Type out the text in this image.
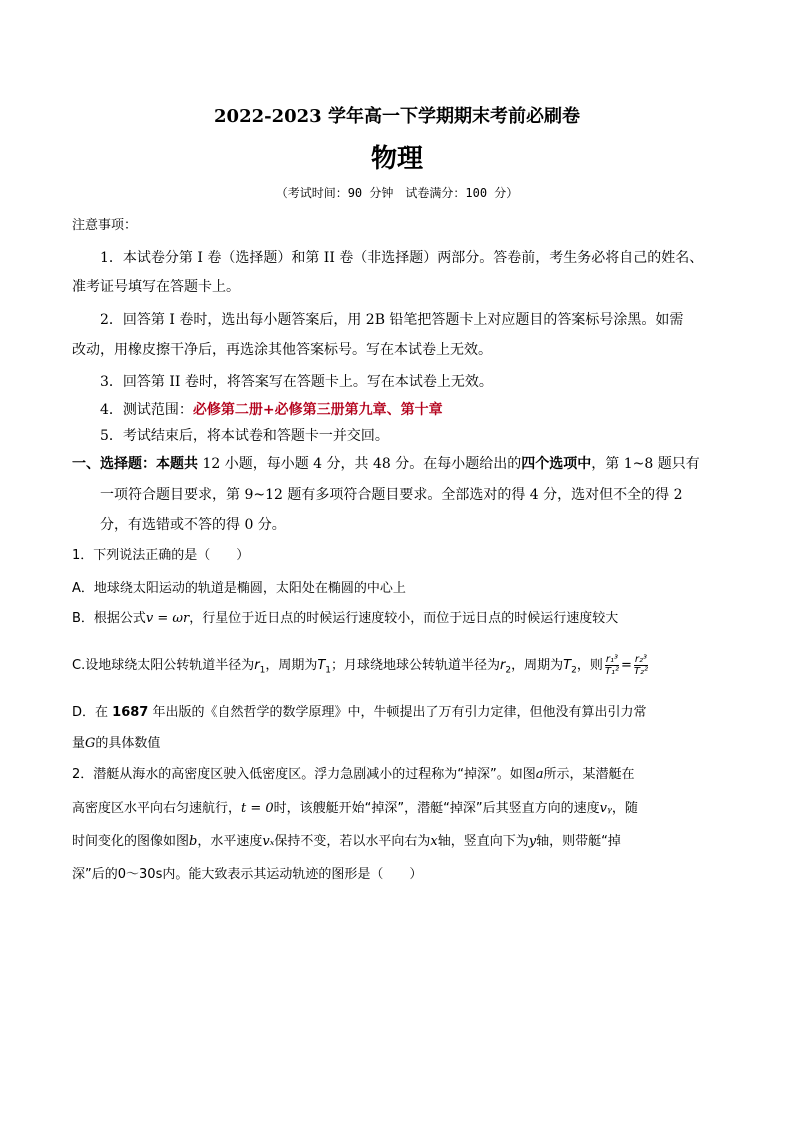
2022-2023 学年高一下学期期末考前必刷卷
物理
（考试时间：90 分钟　试卷满分：100 分）
注意事项：
1．本试卷分第 I 卷（选择题）和第 II 卷（非选择题）两部分。答卷前，考生务必将自己的姓名、
准考证号填写在答题卡上。
2．回答第 I 卷时，选出每小题答案后，用 2B 铅笔把答题卡上对应题目的答案标号涂黑。如需
改动，用橡皮擦干净后，再选涂其他答案标号。写在本试卷上无效。
3．回答第 II 卷时，将答案写在答题卡上。写在本试卷上无效。
4．测试范围：必修第二册+必修第三册第九章、第十章
5．考试结束后，将本试卷和答题卡一并交回。
一、选择题：本题共 12 小题，每小题 4 分，共 48 分。在每小题给出的四个选项中，第 1~8 题只有
一项符合题目要求，第 9~12 题有多项符合题目要求。全部选对的得 4 分，选对但不全的得 2
分，有选错或不答的得 0 分。
1．下列说法正确的是（　　）
A．地球绕太阳运动的轨道是椭圆，太阳处在椭圆的中心上
B．根据公式v = ωr，行星位于近日点的时候运行速度较小，而位于远日点的时候运行速度较大
C.设地球绕太阳公转轨道半径为$r_1$，周期为$T_1$；月球绕地球公转轨道半径为$r_2$，周期为$T_2$，则 $\frac{\text{r₁³}}{\text{T₁²}} = \frac{\text{r₂³}}{\text{T₂²}}$
D．在 1687 年出版的《自然哲学的数学原理》中，牛顿提出了万有引力定律，但他没有算出引力常
量G的具体数值
2．潜艇从海水的高密度区驶入低密度区。浮力急剧减小的过程称为“掉深”。如图a所示，某潜艇在
高密度区水平向右匀速航行，t = 0时，该艘艇开始“掉深”，潜艇“掉深”后其竖直方向的速度vᵧ，随
时间变化的图像如图b，水平速度vₓ保持不变，若以水平向右为x轴，竖直向下为y轴，则带艇“掉
深”后的0～30s内。能大致表示其运动轨迹的图形是（　　）
